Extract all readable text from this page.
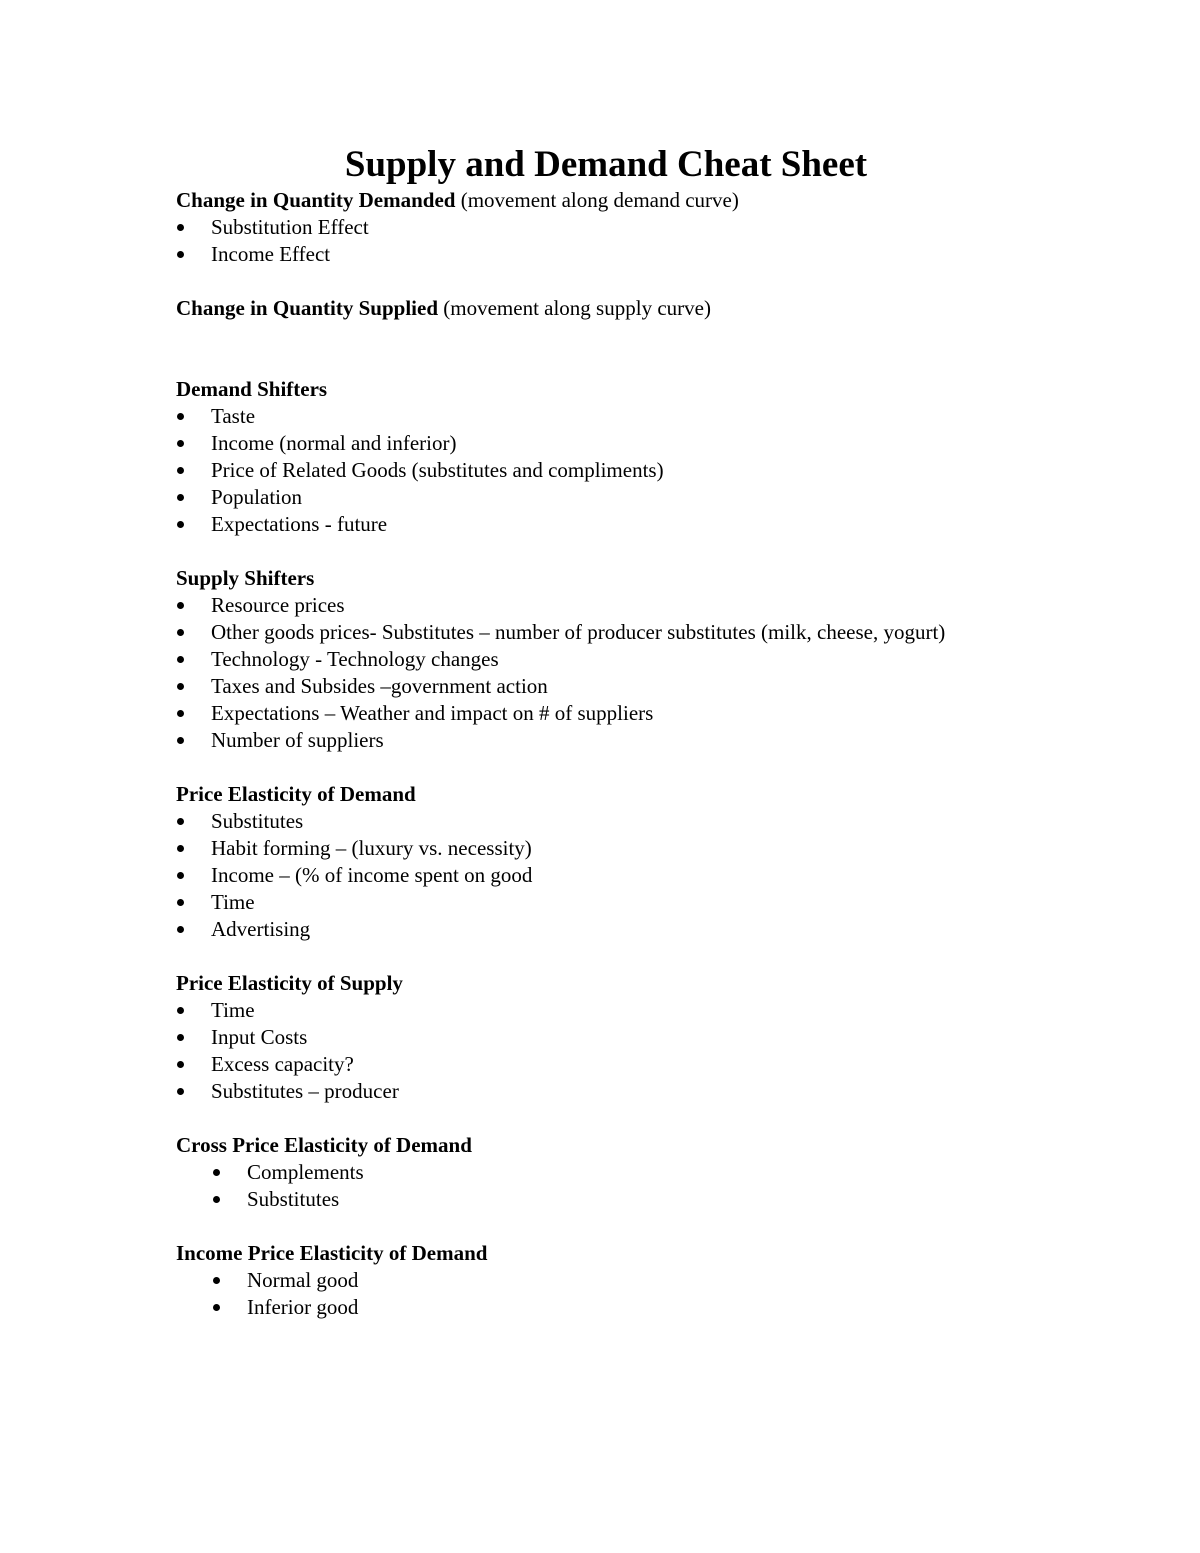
Supply and Demand Cheat Sheet
Change in Quantity Demanded (movement along demand curve)
Substitution Effect
Income Effect
Change in Quantity Supplied (movement along supply curve)
Demand Shifters
Taste
Income (normal and inferior)
Price of Related Goods (substitutes and compliments)
Population
Expectations - future
Supply Shifters
Resource prices
Other goods prices- Substitutes – number of producer substitutes (milk, cheese, yogurt)
Technology - Technology changes
Taxes and Subsides –government action
Expectations – Weather and impact on # of suppliers
Number of suppliers
Price Elasticity of Demand
Substitutes
Habit forming – (luxury vs. necessity)
Income – (% of income spent on good
Time
Advertising
Price Elasticity of Supply
Time
Input Costs
Excess capacity?
Substitutes – producer
Cross Price Elasticity of Demand
Complements
Substitutes
Income Price Elasticity of Demand
Normal good
Inferior good
